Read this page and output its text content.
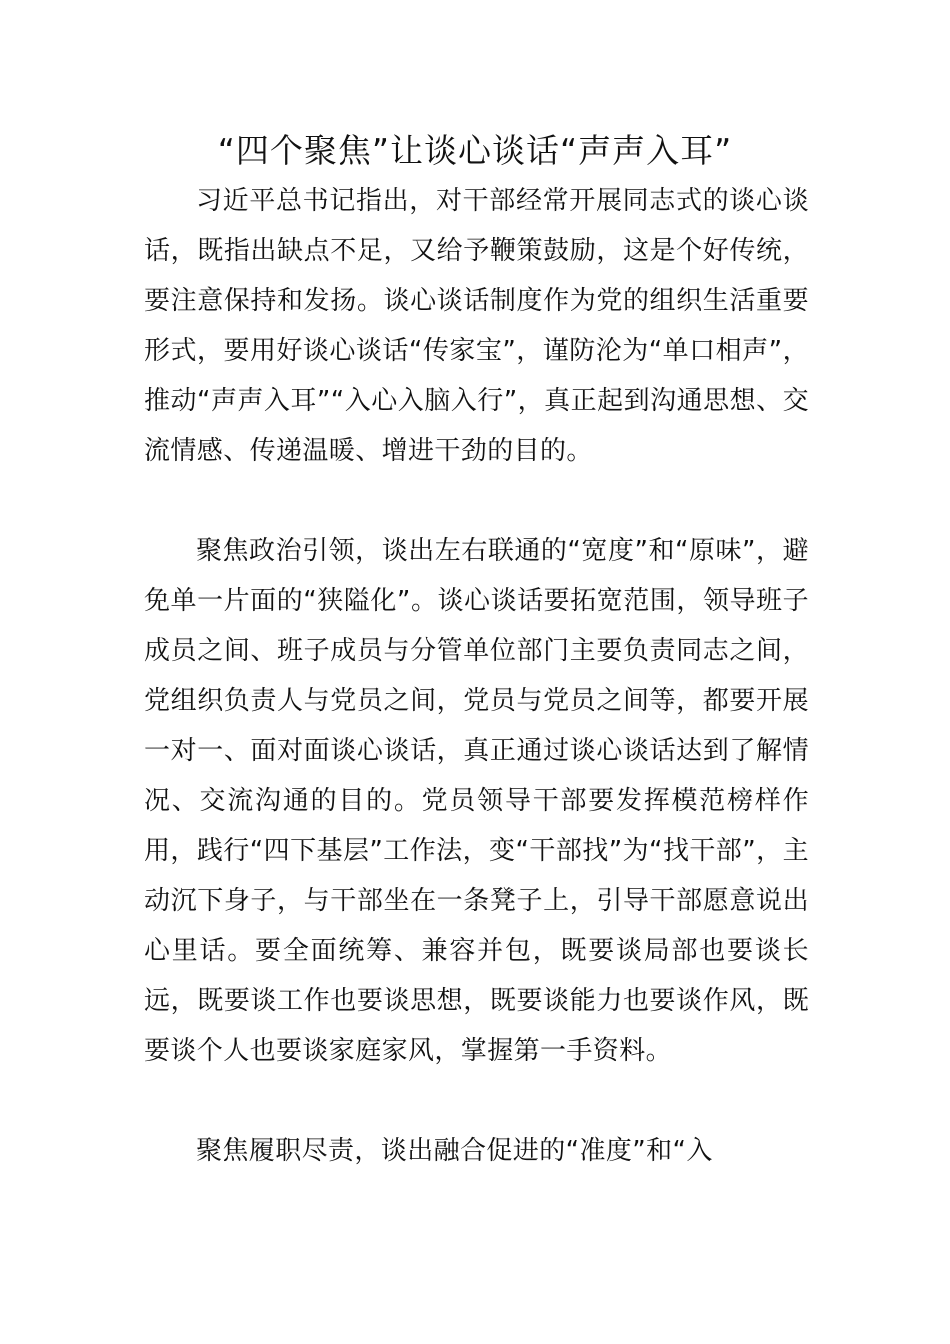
“四个聚焦”让谈心谈话“声声入耳”

习近平总书记指出，对干部经常开展同志式的谈心谈话，既指出缺点不足，又给予鞭策鼓励，这是个好传统，要注意保持和发扬。谈心谈话制度作为党的组织生活重要形式，要用好谈心谈话“传家宝”，谨防沦为“单口相声”，推动“声声入耳”“入心入脑入行”，真正起到沟通思想、交流情感、传递温暖、增进干劲的目的。

聚焦政治引领，谈出左右联通的“宽度”和“原味”，避免单一片面的“狭隘化”。谈心谈话要拓宽范围，领导班子成员之间、班子成员与分管单位部门主要负责同志之间，党组织负责人与党员之间，党员与党员之间等，都要开展一对一、面对面谈心谈话，真正通过谈心谈话达到了解情况、交流沟通的目的。党员领导干部要发挥模范榜样作用，践行“四下基层”工作法，变“干部找”为“找干部”，主动沉下身子，与干部坐在一条凳子上，引导干部愿意说出心里话。要全面统筹、兼容并包，既要谈局部也要谈长远，既要谈工作也要谈思想，既要谈能力也要谈作风，既要谈个人也要谈家庭家风，掌握第一手资料。

聚焦履职尽责，谈出融合促进的“准度”和“入
